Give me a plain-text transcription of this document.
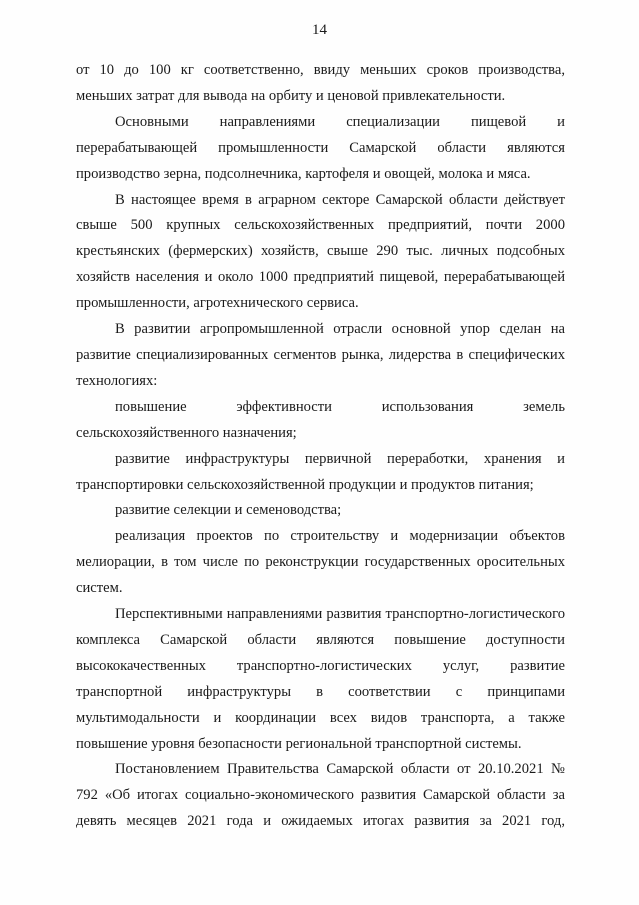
14

от 10 до 100 кг соответственно, ввиду меньших сроков производства, меньших затрат для вывода на орбиту и ценовой привлекательности.

Основными направлениями специализации пищевой и перерабатывающей промышленности Самарской области являются производство зерна, подсолнечника, картофеля и овощей, молока и мяса.

В настоящее время в аграрном секторе Самарской области действует свыше 500 крупных сельскохозяйственных предприятий, почти 2000 крестьянских (фермерских) хозяйств, свыше 290 тыс. личных подсобных хозяйств населения и около 1000 предприятий пищевой, перерабатывающей промышленности, агротехнического сервиса.

В развитии агропромышленной отрасли основной упор сделан на развитие специализированных сегментов рынка, лидерства в специфических технологиях:

повышение эффективности использования земель сельскохозяйственного назначения;

развитие инфраструктуры первичной переработки, хранения и транспортировки сельскохозяйственной продукции и продуктов питания;

развитие селекции и семеноводства;

реализация проектов по строительству и модернизации объектов мелиорации, в том числе по реконструкции государственных оросительных систем.

Перспективными направлениями развития транспортно-логистического комплекса Самарской области являются повышение доступности высококачественных транспортно-логистических услуг, развитие транспортной инфраструктуры в соответствии с принципами мультимодальности и координации всех видов транспорта, а также повышение уровня безопасности региональной транспортной системы.

Постановлением Правительства Самарской области от 20.10.2021 № 792 «Об итогах социально-экономического развития Самарской области за девять месяцев 2021 года и ожидаемых итогах развития за 2021 год,
